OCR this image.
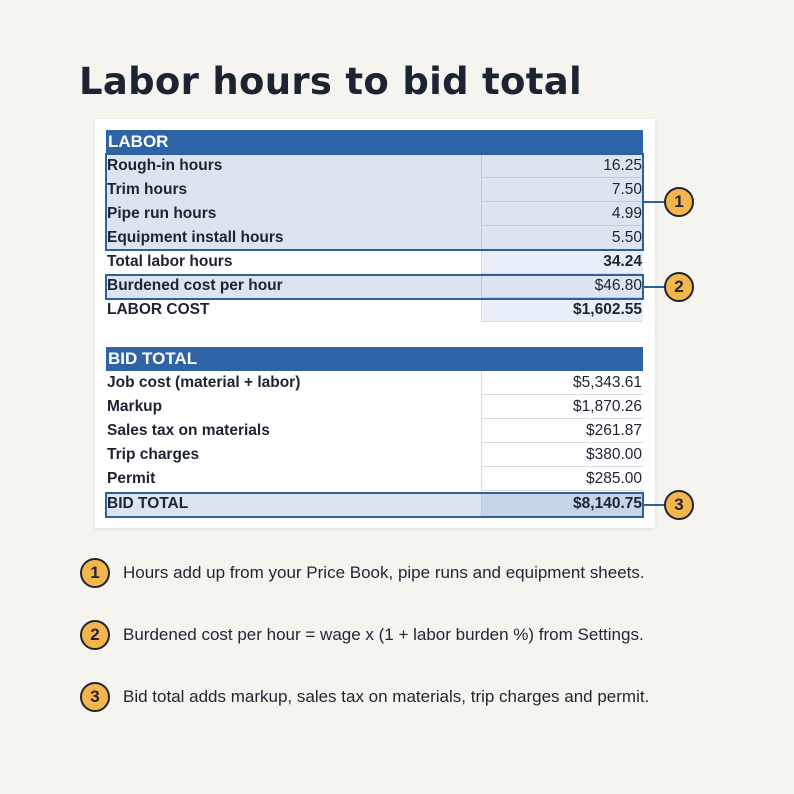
Labor hours to bid total
LABOR
Rough-in hours	16.25
Trim hours	7.50
Pipe run hours	4.99
Equipment install hours	5.50
Total labor hours	34.24
Burdened cost per hour	$46.80
LABOR COST	$1,602.55
BID TOTAL
Job cost (material + labor)	$5,343.61
Markup	$1,870.26
Sales tax on materials	$261.87
Trip charges	$380.00
Permit	$285.00
BID TOTAL	$8,140.75
1
2
3
1	Hours add up from your Price Book, pipe runs and equipment sheets.
2	Burdened cost per hour = wage x (1 + labor burden %) from Settings.
3	Bid total adds markup, sales tax on materials, trip charges and permit.
